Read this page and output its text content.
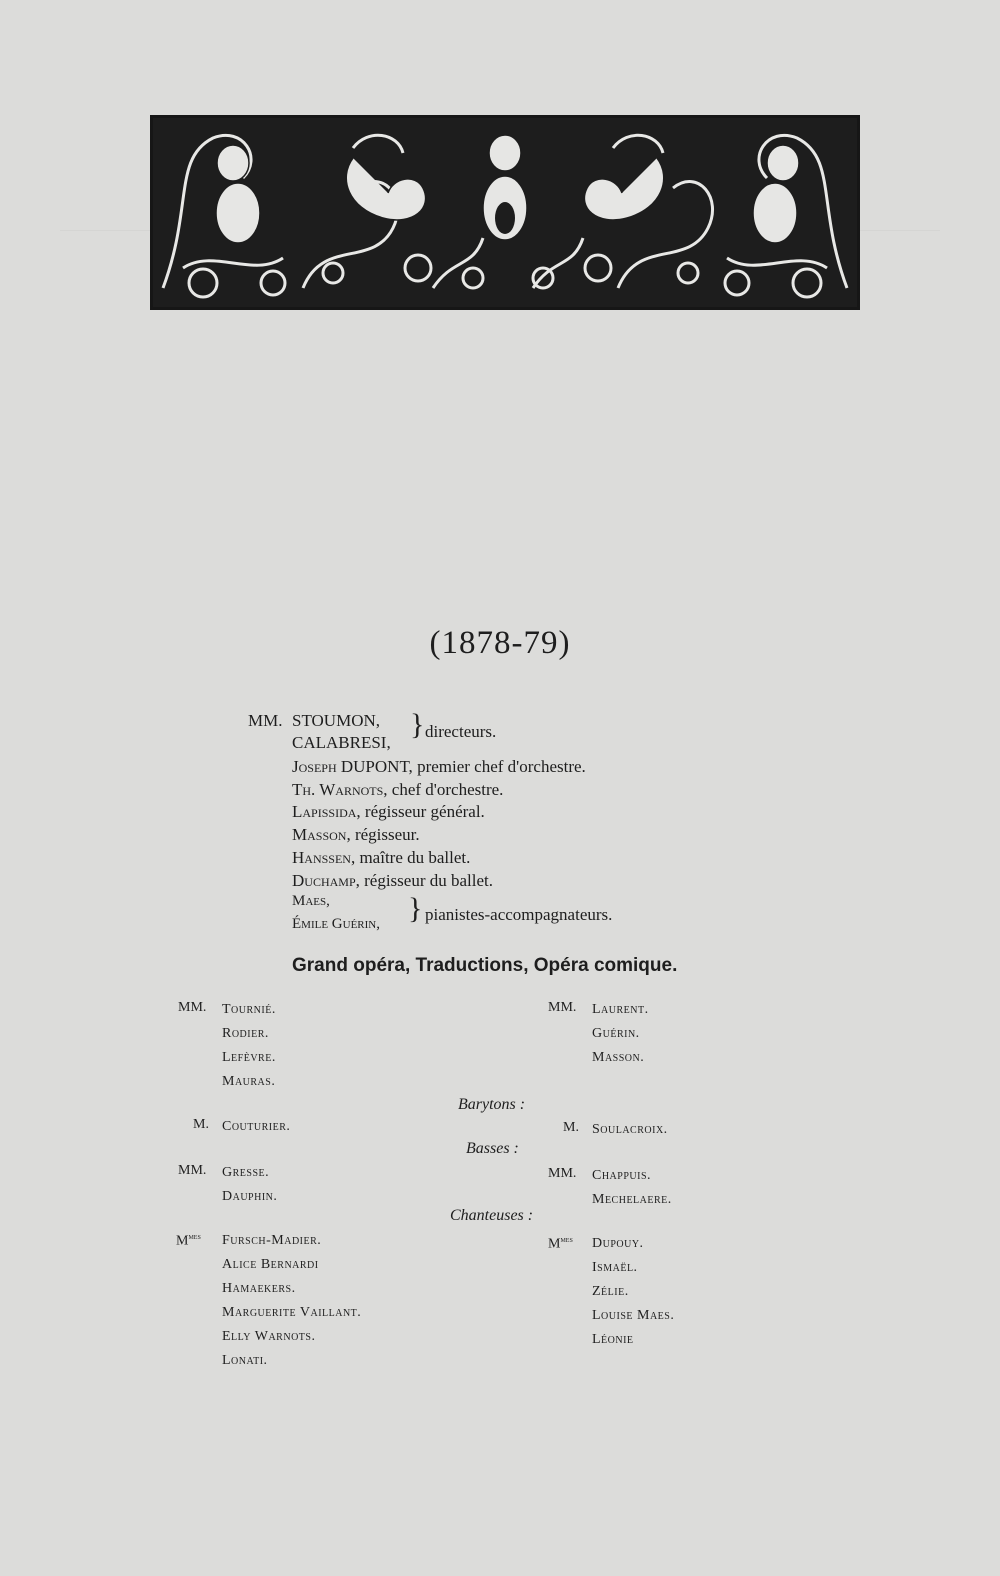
(1878-79)
MM. STOUMON,
CALABRESI,
} directeurs.
Joseph DUPONT, premier chef d'orchestre.
Th. Warnots, chef d'orchestre.
Lapissida, régisseur général.
Masson, régisseur.
Hanssen, maître du ballet.
Duchamp, régisseur du ballet.
Maes,
Émile Guérin, } pianistes-accompagnateurs.
Grand opéra, Traductions, Opéra comique.
MM. Tournié.
Rodier.
Lefèvre.
Mauras.
MM. Laurent.
Guérin.
Masson.
Barytons :
M. Couturier.	M. Soulacroix.
Basses :
MM. Gresse.
Dauphin.
MM. Chappuis.
Mechelaere.
Chanteuses :
$M^{mes}$ Fursch-Madier.
Alice Bernardi
Hamaekers.
Marguerite Vaillant.
Elly Warnots.
Lonati.
$M^{mes}$ Dupouy.
Ismaël.
Zélie.
Louise Maes.
Léonie
